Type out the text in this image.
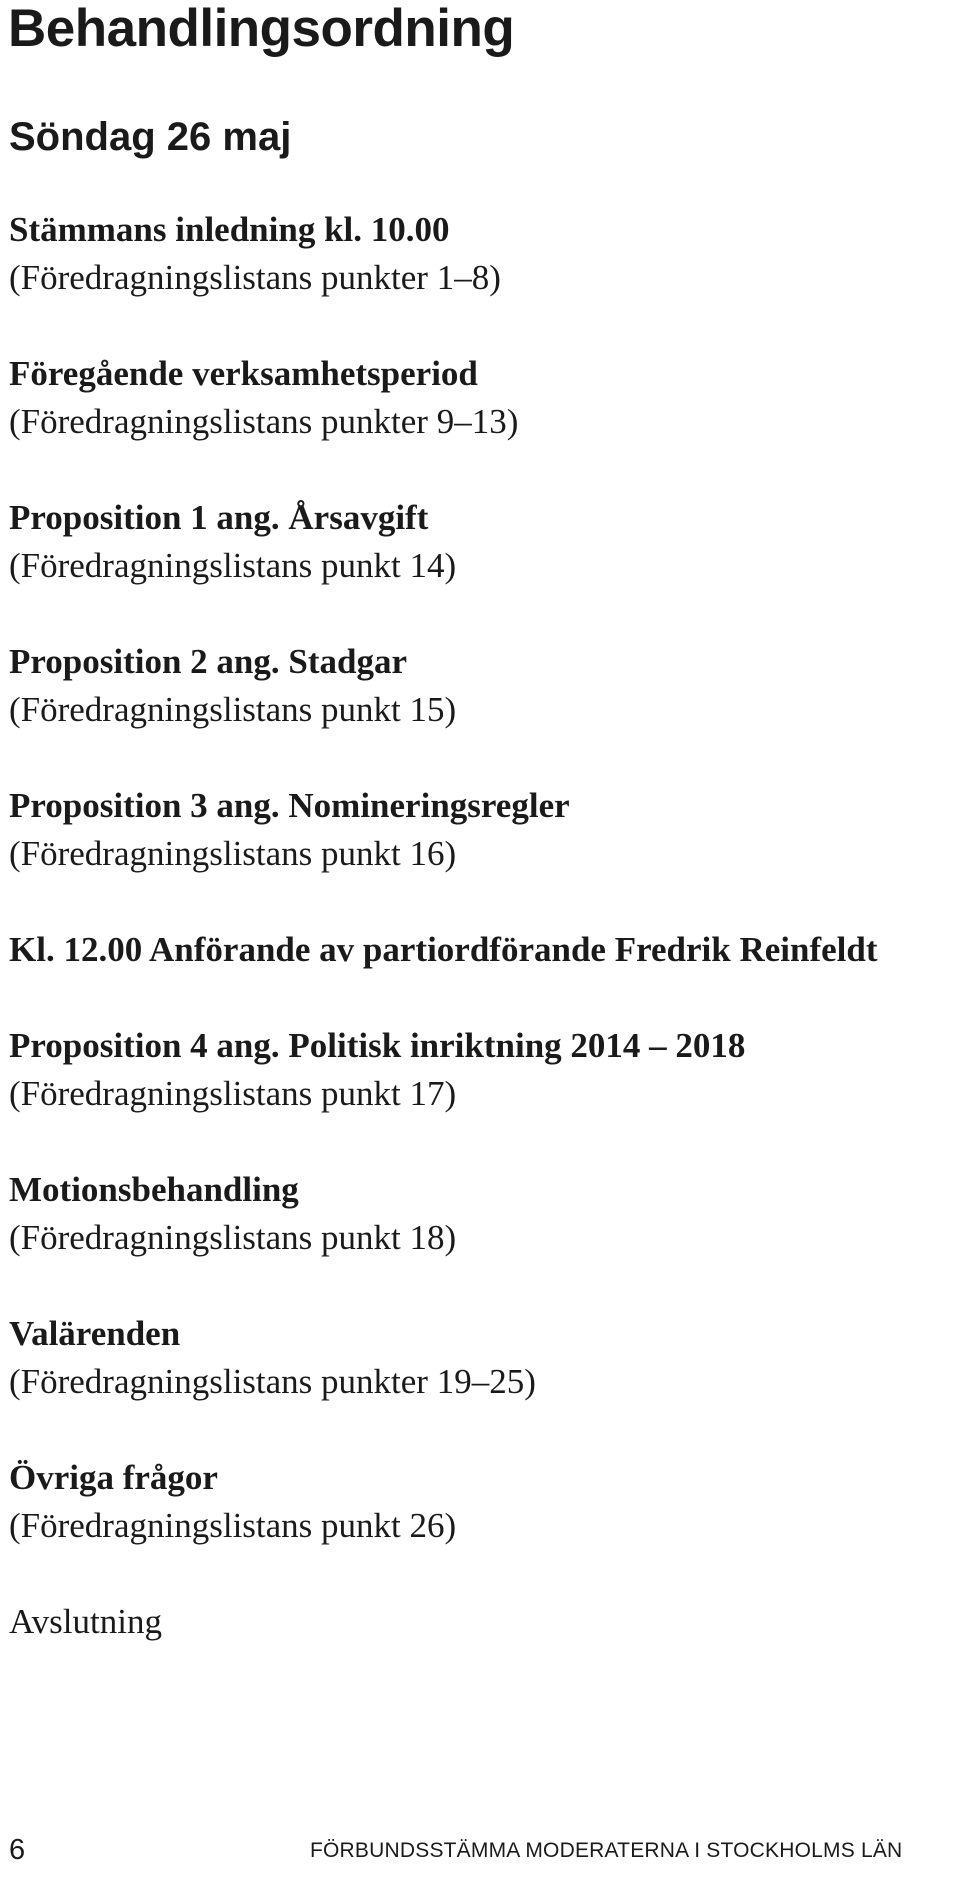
Behandlingsordning
Söndag 26 maj
Stämmans inledning kl. 10.00
(Föredragningslistans punkter 1–8)
Föregående verksamhetsperiod
(Föredragningslistans punkter 9–13)
Proposition 1 ang. Årsavgift
(Föredragningslistans punkt 14)
Proposition 2 ang. Stadgar
(Föredragningslistans punkt 15)
Proposition 3 ang. Nomineringsregler
(Föredragningslistans punkt 16)
Kl. 12.00 Anförande av partiordförande Fredrik Reinfeldt
Proposition 4 ang. Politisk inriktning 2014 – 2018
(Föredragningslistans punkt 17)
Motionsbehandling
(Föredragningslistans punkt 18)
Valärenden
(Föredragningslistans punkter 19–25)
Övriga frågor
(Föredragningslistans punkt 26)
Avslutning
6	FÖRBUNDSSTÄMMA MODERATERNA I STOCKHOLMS LÄN
